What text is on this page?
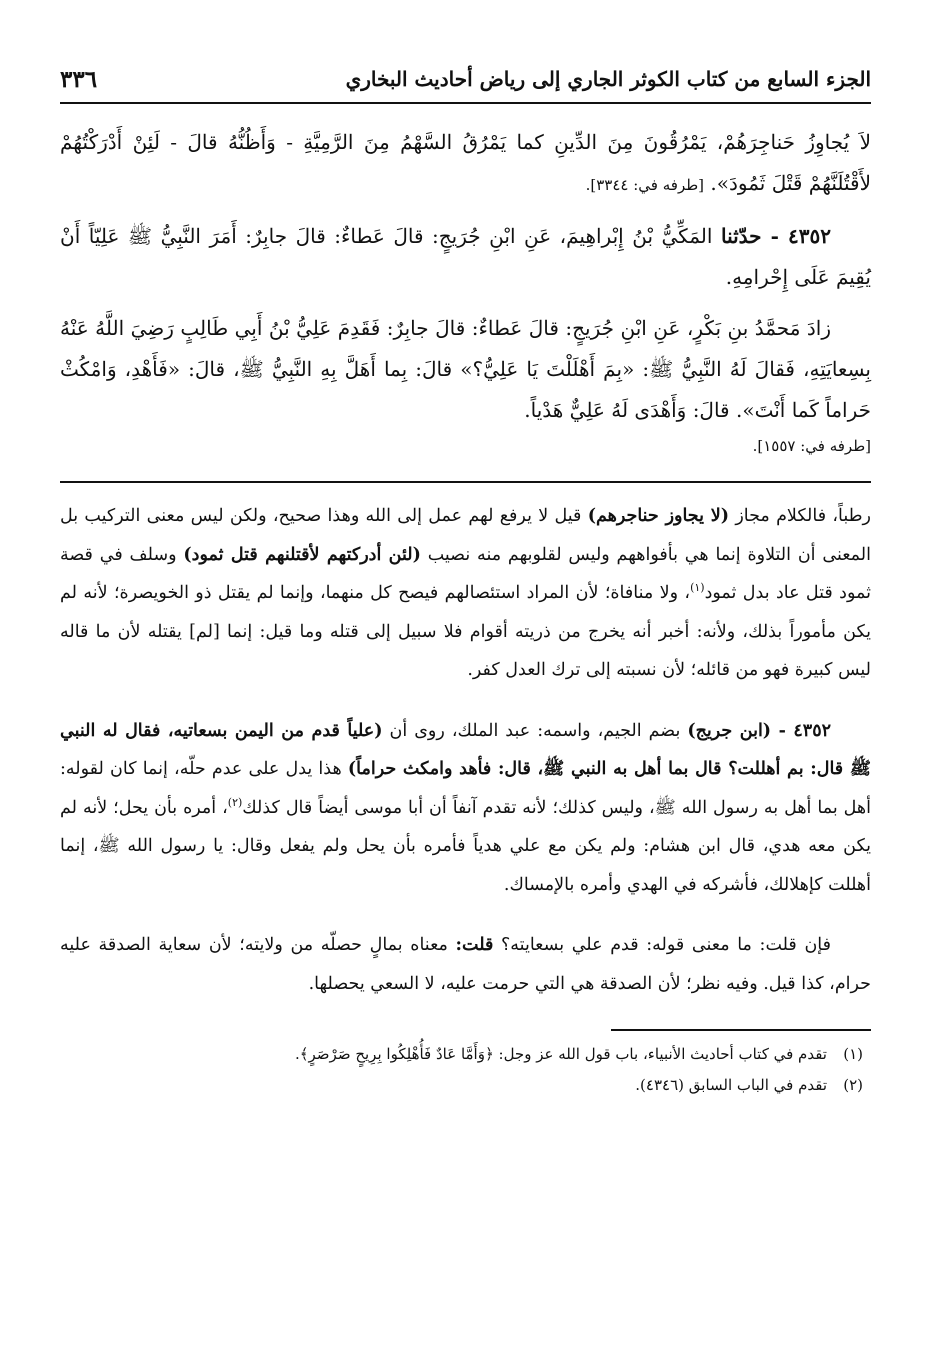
الجزء السابع من كتاب الكوثر الجاري إلى رياض أحاديث البخاري
٣٣٦

لاَ يُجاوِزُ حَناجِرَهُمْ، يَمْرُقُونَ مِنَ الدِّينِ كما يَمْرُقُ السَّهْمُ مِنَ الرَّمِيَّةِ - وَأَظُنُّهُ قالَ - لَئِنْ أَدْرَكْتُهُمْ لأَقْتُلَنَّهُمْ قَتْلَ ثَمُودَ». [طرفه في: ٣٣٤٤].

٤٣٥٢ - حدّثنا المَكِّيُّ بْنُ إِبْراهِيمَ، عَنِ ابْنِ جُرَيجٍ: قالَ عَطاءٌ: قالَ جابِرٌ: أَمَرَ النَّبِيُّ ﷺ عَلِيّاً أَنْ يُقِيمَ عَلَى إِحْرامِهِ.

زادَ مَحمَّدُ بنِ بَكْرٍ، عَنِ ابْنِ جُرَيجٍ: قالَ عَطاءٌ: قالَ جابِرٌ: فَقَدِمَ عَلِيُّ بْنُ أَبِي طَالِبٍ رَضِيَ اللَّهُ عَنْهُ بِسِعايَتِهِ، فَقالَ لَهُ النَّبِيُّ ﷺ: «بِمَ أَهْلَلْتَ يَا عَلِيُّ؟» قالَ: بِما أَهَلَّ بِهِ النَّبِيُّ ﷺ، قالَ: «فَأَهْدِ، وَامْكُثْ حَراماً كَما أَنْتَ». قالَ: وَأَهْدَى لَهُ عَلِيٌّ هَدْياً.

[طرفه في: ١٥٥٧].

رطباً، فالكلام مجاز (لا يجاوز حناجرهم) قيل لا يرفع لهم عمل إلى الله وهذا صحيح، ولكن ليس معنى التركيب بل المعنى أن التلاوة إنما هي بأفواههم وليس لقلوبهم منه نصيب (لئن أدركتهم لأقتلنهم قتل ثمود) وسلف في قصة ثمود قتل عاد بدل ثمود$^{(١)}$، ولا منافاة؛ لأن المراد استئصالهم فيصح كل منهما، وإنما لم يقتل ذو الخويصرة؛ لأنه لم يكن مأموراً بذلك، ولأنه: أخبر أنه يخرج من ذريته أقوام فلا سبيل إلى قتله وما قيل: إنما [لم] يقتله لأن ما قاله ليس كبيرة فهو من قائله؛ لأن نسبته إلى ترك العدل كفر.

٤٣٥٢ - (ابن جريج) بضم الجيم، واسمه: عبد الملك، روى أن (علياً قدم من اليمن بسعاتيه، فقال له النبي ﷺ قال: بم أهللت؟ قال بما أهل به النبي ﷺ، قال: فأهد وامكث حراماً) هذا يدل على عدم حلّه، إنما كان لقوله: أهل بما أهل به رسول الله ﷺ، وليس كذلك؛ لأنه تقدم آنفاً أن أبا موسى أيضاً قال كذلك$^{(٢)}$، أمره بأن يحل؛ لأنه لم يكن معه هدي، قال ابن هشام: ولم يكن مع علي هدياً فأمره بأن يحل ولم يفعل وقال: يا رسول الله ﷺ، إنما أهللت كإهلالك، فأشركه في الهدي وأمره بالإمساك.

فإن قلت: ما معنى قوله: قدم علي بسعايته؟ قلت: معناه بمالٍ حصلّه من ولايته؛ لأن سعاية الصدقة عليه حرام، كذا قيل. وفيه نظر؛ لأن الصدقة هي التي حرمت عليه، لا السعي يحصلها.

(١)تقدم في كتاب أحاديث الأنبياء، باب قول الله عز وجل: ﴿وَأَمَّا عَادٌ فَأُهْلِكُوا بِرِيحٍ صَرْصَرٍ﴾.

(٢)تقدم في الباب السابق (٤٣٤٦).
